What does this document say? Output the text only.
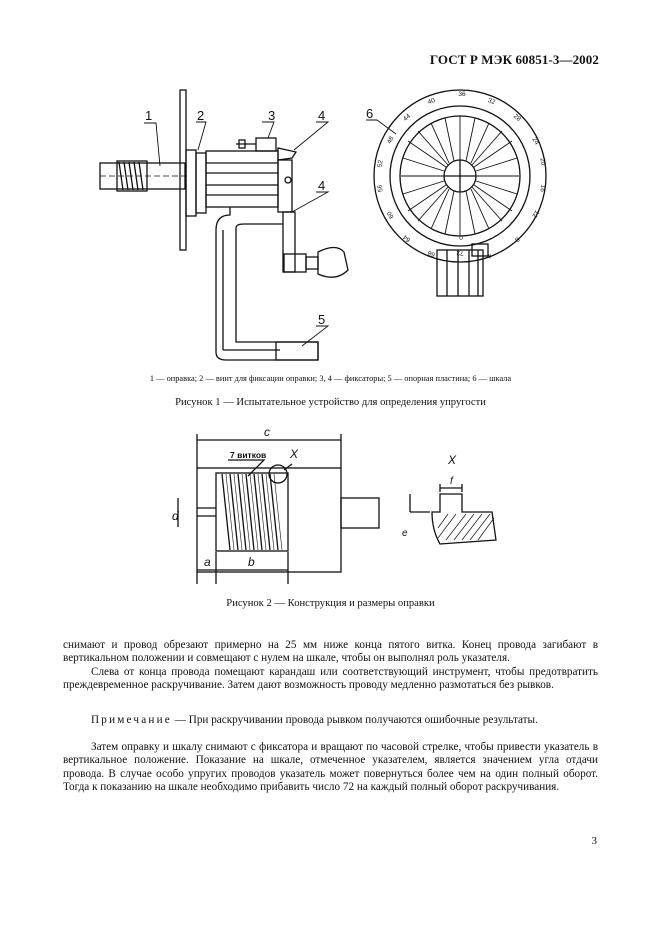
ГОСТ Р МЭК 60851-3—2002
36
32
28
24
20
16
12
8
4
0
72
68
64
60
56
52
48
44
40
1	2	3	4
4
5
6
1 — оправка; 2 — винт для фиксации оправки; 3, 4 — фиксаторы; 5 — опорная пластина; 6 — шкала
Рисунок 1 — Испытательное устройство для определения упругости
c
X
d
a	b
X
e
f
7 витков
Рисунок 2 — Конструкция и размеры оправки

снимают и провод обрезают примерно на 25 мм ниже конца пятого витка. Конец провода загибают в вертикальном положении и совмещают с нулем на шкале, чтобы он выполнял роль указателя.

Слева от конца провода помещают карандаш или соответствующий инструмент, чтобы предотвратить преждевременное раскручивание. Затем дают возможность проводу медленно размотаться без рывков.

Примечание — При раскручивании провода рывком получаются ошибочные результаты.
Затем оправку и шкалу снимают с фиксатора и вращают по часовой стрелке, чтобы привести указатель в вертикальное положение. Показание на шкале, отмеченное указателем, является значением угла отдачи провода. В случае особо упругих проводов указатель может повернуться более чем на один полный оборот. Тогда к показанию на шкале необходимо прибавить число 72 на каждый полный оборот раскручивания.
3
